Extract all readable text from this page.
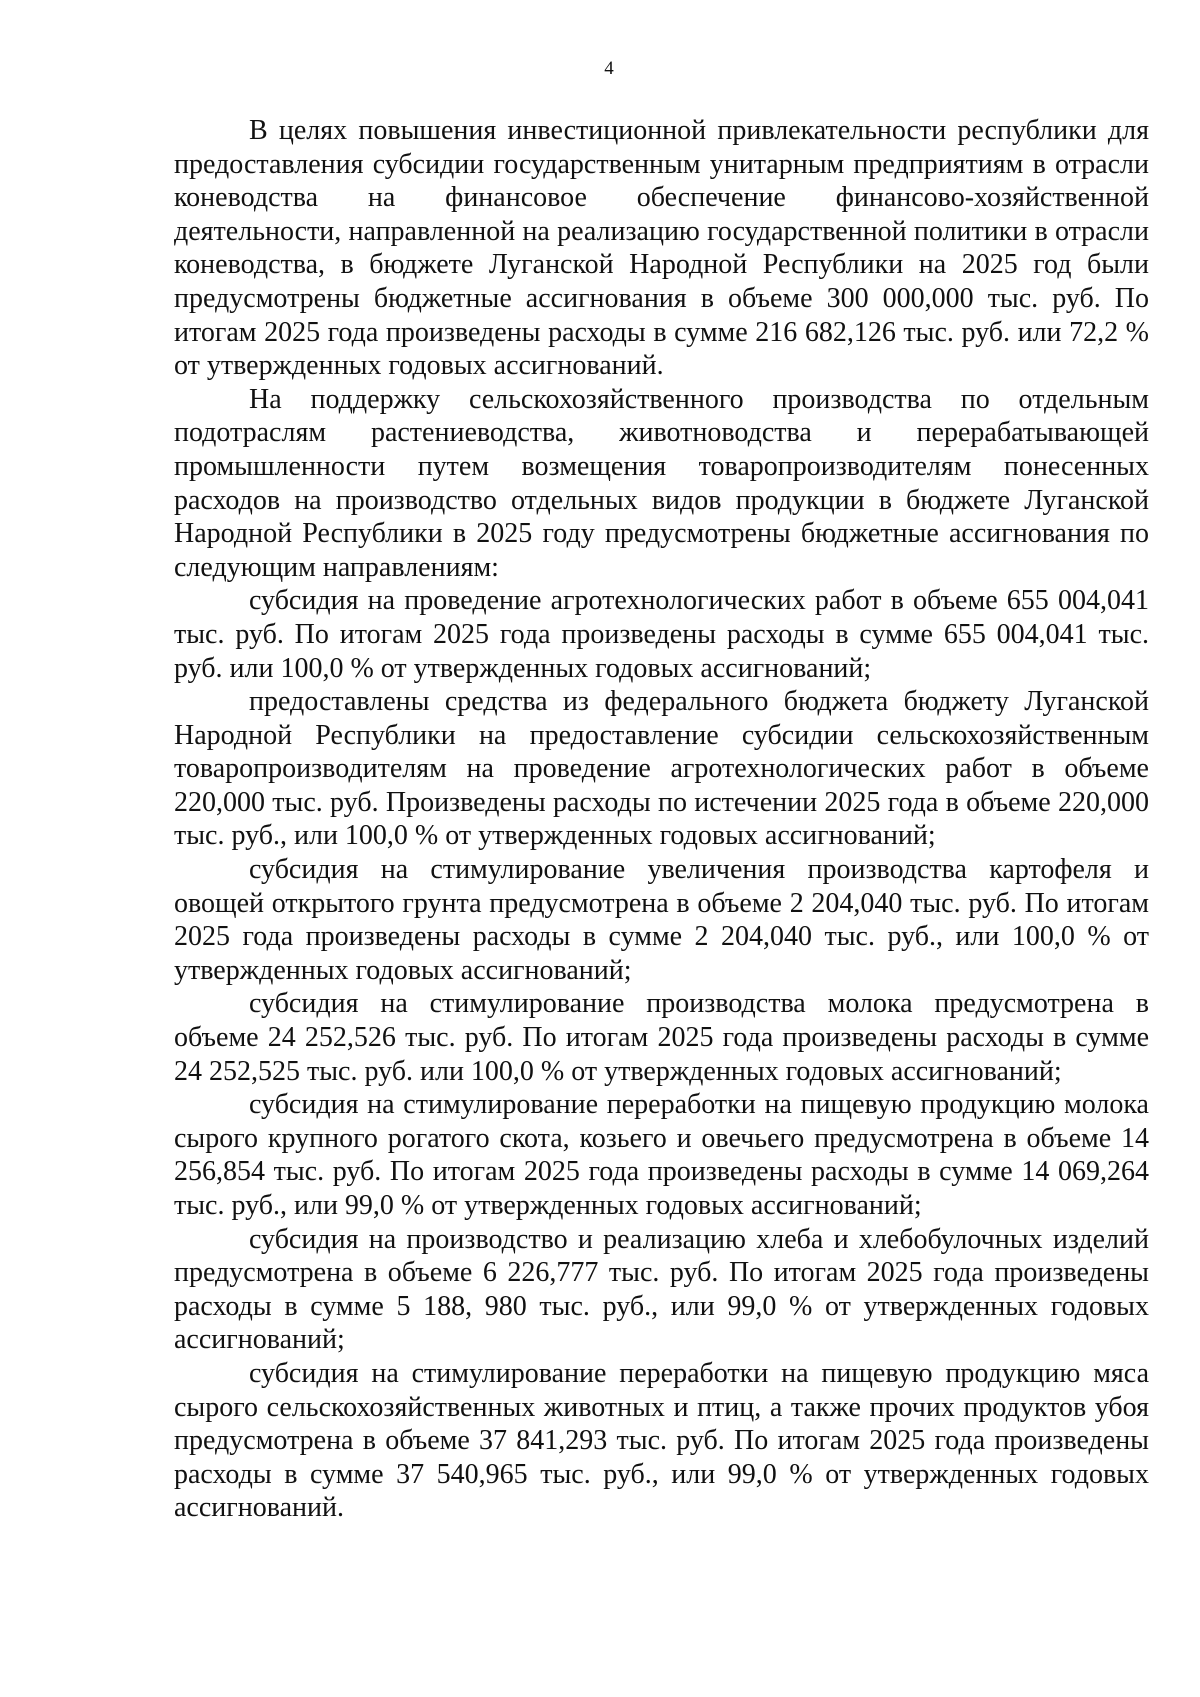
4

В целях повышения инвестиционной привлекательности республики для предоставления субсидии государственным унитарным предприятиям в отрасли коневодства на финансовое обеспечение финансово-хозяйственной деятельности, направленной на реализацию государственной политики в отрасли коневодства, в бюджете Луганской Народной Республики на 2025 год были предусмотрены бюджетные ассигнования в объеме 300 000,000 тыс. руб. По итогам 2025 года произведены расходы в сумме 216 682,126 тыс. руб. или 72,2 % от утвержденных годовых ассигнований.

На поддержку сельскохозяйственного производства по отдельным подотраслям растениеводства, животноводства и перерабатывающей промышленности путем возмещения товаропроизводителям понесенных расходов на производство отдельных видов продукции в бюджете Луганской Народной Республики в 2025 году предусмотрены бюджетные ассигнования по следующим направлениям:

субсидия на проведение агротехнологических работ в объеме 655 004,041 тыс. руб. По итогам 2025 года произведены расходы в сумме 655 004,041 тыс. руб. или 100,0 % от утвержденных годовых ассигнований;

предоставлены средства из федерального бюджета бюджету Луганской Народной Республики на предоставление субсидии сельскохозяйственным товаропроизводителям на проведение агротехнологических работ в объеме 220,000 тыс. руб. Произведены расходы по истечении 2025 года в объеме 220,000 тыс. руб., или 100,0 % от утвержденных годовых ассигнований;

субсидия на стимулирование увеличения производства картофеля и овощей открытого грунта предусмотрена в объеме 2 204,040 тыс. руб. По итогам 2025 года произведены расходы в сумме 2 204,040 тыс. руб., или 100,0 % от утвержденных годовых ассигнований;

субсидия на стимулирование производства молока предусмотрена в объеме 24 252,526 тыс. руб. По итогам 2025 года произведены расходы в сумме 24 252,525 тыс. руб. или 100,0 % от утвержденных годовых ассигнований;

субсидия на стимулирование переработки на пищевую продукцию молока сырого крупного рогатого скота, козьего и овечьего предусмотрена в объеме 14 256,854 тыс. руб. По итогам 2025 года произведены расходы в сумме 14 069,264 тыс. руб., или 99,0 % от утвержденных годовых ассигнований;

субсидия на производство и реализацию хлеба и хлебобулочных изделий предусмотрена в объеме 6 226,777 тыс. руб. По итогам 2025 года произведены расходы в сумме 5 188, 980 тыс. руб., или 99,0 % от утвержденных годовых ассигнований;

субсидия на стимулирование переработки на пищевую продукцию мяса сырого сельскохозяйственных животных и птиц, а также прочих продуктов убоя предусмотрена в объеме 37 841,293 тыс. руб. По итогам 2025 года произведены расходы в сумме 37 540,965 тыс. руб., или 99,0 % от утвержденных годовых ассигнований.
